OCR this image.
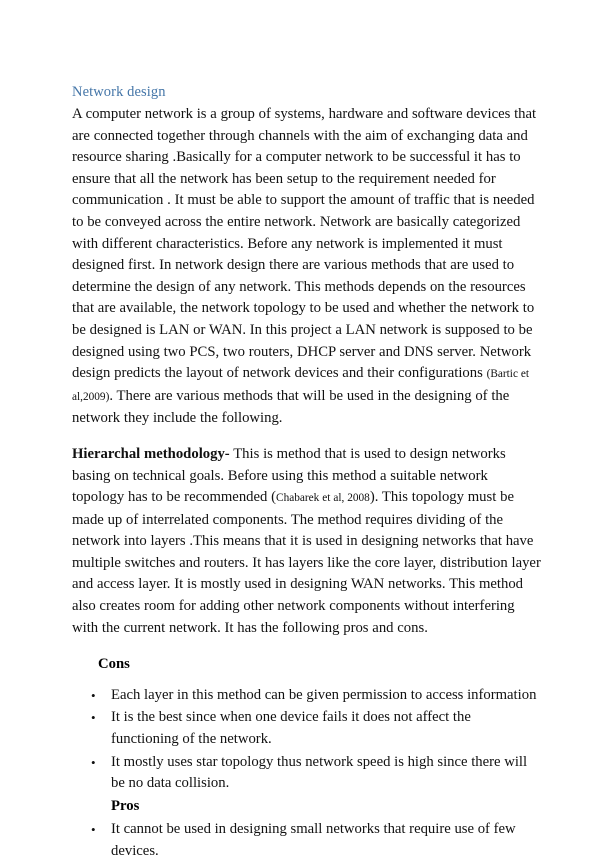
Network design

A computer network is a group of systems, hardware and software devices that are connected together through channels with the aim of exchanging data and resource sharing .Basically for a computer network to be successful it has to ensure that all the network has been setup to the requirement needed for communication . It must be able to support the amount of traffic that is needed to be conveyed across the entire network. Network are basically categorized with different characteristics. Before any network is implemented it must designed first. In network design there are various methods that are used to determine the design of any network. This methods depends on the resources that are available, the network topology to be used and whether the network to be designed is LAN or WAN. In this project a LAN network is supposed to be designed using two PCS, two routers, DHCP server and DNS server. Network design predicts the layout of network devices and their configurations (Bartic et al,2009). There are various methods that will be used in the designing of the network they include the following.

Hierarchal methodology- This is method that is used to design networks basing on technical goals. Before using this method a suitable network topology has to be recommended (Chabarek et al, 2008). This topology must be made up of interrelated components. The method requires dividing of the network into layers .This means that it is used in designing networks that have multiple switches and routers. It has layers like the core layer, distribution layer and access layer. It is mostly used in designing WAN networks. This method also creates room for adding other network components without interfering with the current network. It has the following pros and cons.

Cons
• Each layer in this method can be given permission to access information
• It is the best since when one device fails it does not affect the functioning of the network.
• It mostly uses star topology thus network speed is high since there will be no data collision.
Pros
• It cannot be used in designing small networks that require use of few devices.
